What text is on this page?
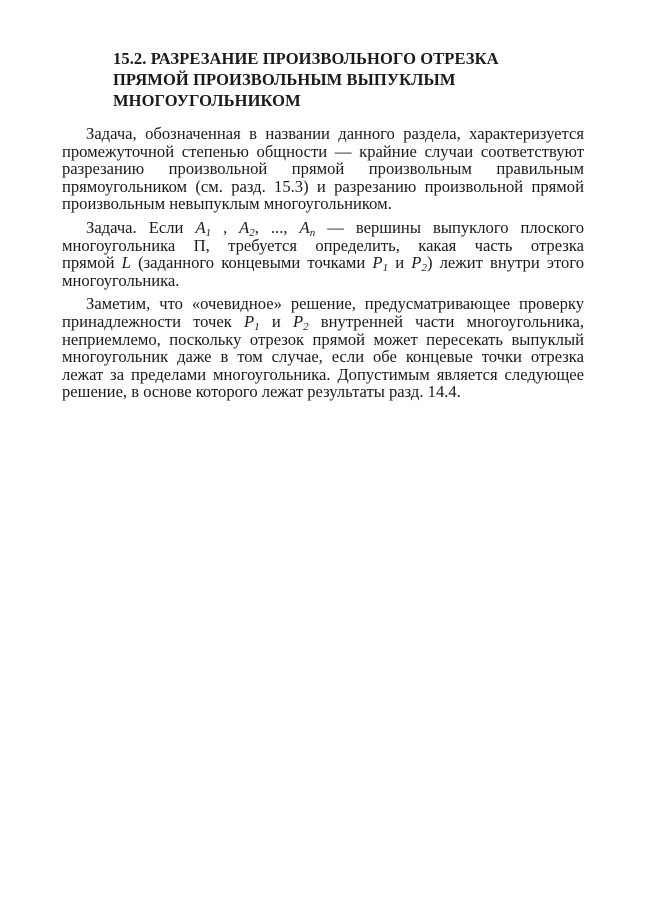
15.2. РАЗРЕЗАНИЕ ПРОИЗВОЛЬНОГО ОТРЕЗКА
ПРЯМОЙ ПРОИЗВОЛЬНЫМ ВЫПУКЛЫМ
МНОГОУГОЛЬНИКОМ

Задача, обозначенная в названии данного раздела, характеризуется
промежуточной степенью общности — крайние случаи соответствуют
разрезанию произвольной прямой произвольным правильным
прямоугольником (см. разд. 15.3) и разрезанию произвольной прямой
произвольным невыпуклым многоугольником.

Задача. Если $A_1$ , $A_2$, ..., $A_n$ — вершины выпуклого плоского
многоугольника П, требуется определить, какая часть отрезка
прямой L (заданного концевыми точками $P_1$ и $P_2$) лежит внутри этого
многоугольника.

Заметим, что «очевидное» решение, предусматривающее проверку
принадлежности точек $P_1$ и $P_2$ внутренней части многоугольника,
неприемлемо, поскольку отрезок прямой может пересекать выпуклый
многоугольник даже в том случае, если обе концевые точки отрезка
лежат за пределами многоугольника. Допустимым является следующее
решение, в основе которого лежат результаты разд. 14.4.
